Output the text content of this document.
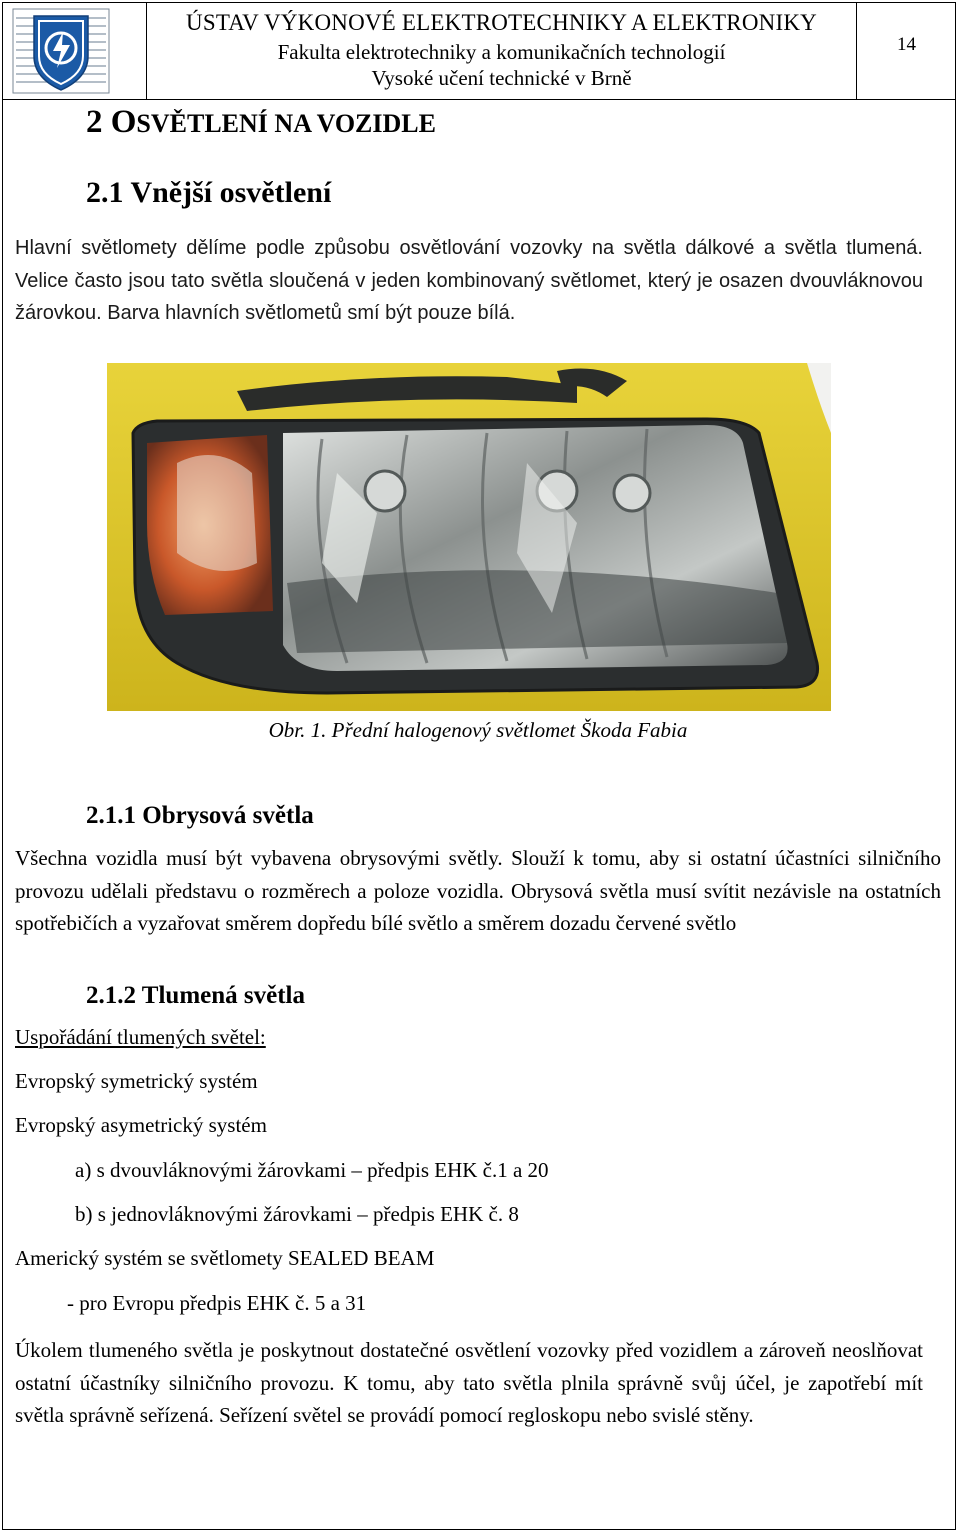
ÚSTAV VÝKONOVÉ ELEKTROTECHNIKY A ELEKTRONIKY
Fakulta elektrotechniky a komunikačních technologií
Vysoké učení technické v Brně
14
2 OSVĚTLENÍ NA VOZIDLE
2.1 Vnější osvětlení
Hlavní světlomety dělíme podle způsobu osvětlování vozovky na světla dálkové a světla tlumená. Velice často jsou tato světla sloučená v jeden kombinovaný světlomet, který je osazen dvouvláknovou žárovkou. Barva hlavních světlometů smí být pouze bílá.
Obr. 1. Přední halogenový světlomet Škoda Fabia
2.1.1 Obrysová světla
Všechna vozidla musí být vybavena obrysovými světly. Slouží k tomu, aby si ostatní účastníci silničního provozu udělali představu o rozměrech a poloze vozidla. Obrysová světla musí svítit nezávisle na ostatních spotřebičích a vyzařovat směrem dopředu bílé světlo a směrem dozadu červené světlo
2.1.2 Tlumená světla
Uspořádání tlumených světel:
Evropský symetrický systém
Evropský asymetrický systém
a) s dvouvláknovými žárovkami – předpis EHK č.1 a 20
b) s jednovláknovými žárovkami – předpis EHK č. 8
Americký systém se světlomety SEALED BEAM
- pro Evropu předpis EHK č. 5 a 31
Úkolem tlumeného světla je poskytnout dostatečné osvětlení vozovky před vozidlem a zároveň neoslňovat ostatní účastníky silničního provozu. K tomu, aby tato světla plnila správně svůj účel, je zapotřebí mít světla správně seřízená. Seřízení světel se provádí pomocí regloskopu nebo svislé stěny.
